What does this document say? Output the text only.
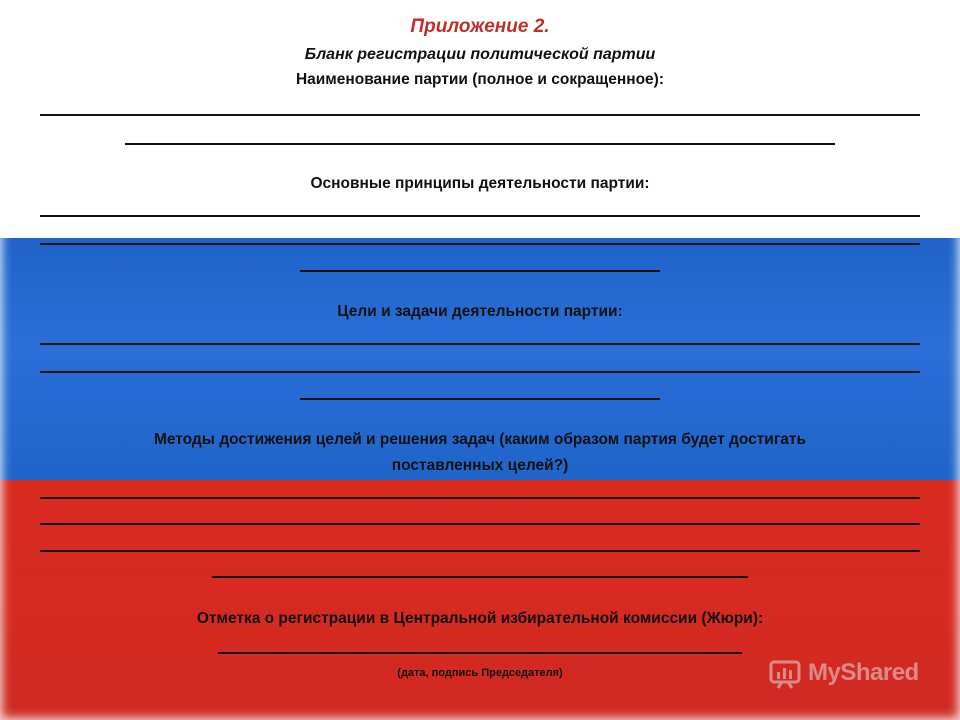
Приложение 2.
Бланк регистрации политической партии
Наименование партии (полное и сокращенное):
Основные принципы деятельности партии:
Цели и задачи деятельности партии:
Методы достижения целей и решения задач (каким образом партия будет достигать
поставленных целей?)
Отметка о регистрации в Центральной избирательной комиссии (Жюри):
(дата, подпись Председателя)	MyShared
